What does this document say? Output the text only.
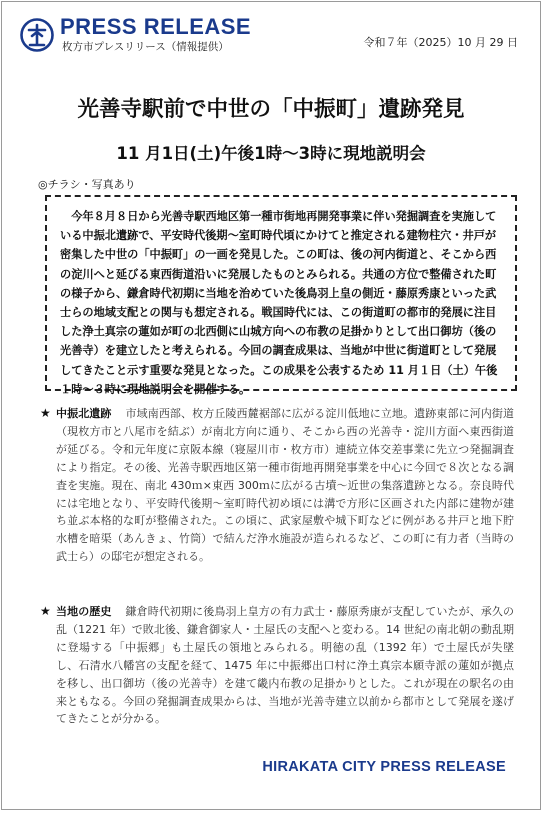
PRESS RELEASE
枚方市プレスリリース（情報提供）	令和７年（2025）10 月 29 日
光善寺駅前で中世の「中振町」遺跡発見
11 月1日(土)午後1時～3時に現地説明会
◎チラシ・写真あり

今年８月８日から光善寺駅西地区第一種市街地再開発事業に伴い発掘調査を実施している中振北遺跡で、平安時代後期～室町時代頃にかけてと推定される建物柱穴・井戸が密集した中世の「中振町」の一画を発見した。この町は、後の河内街道と、そこから西の淀川へと延びる東西街道沿いに発展したものとみられる。共通の方位で整備された町の様子から、鎌倉時代初期に当地を治めていた後鳥羽上皇の側近・藤原秀康といった武士らの地域支配との関与も想定される。戦国時代には、この街道町の都市的発展に注目した浄土真宗の蓮如が町の北西側に山城方向への布教の足掛かりとして出口御坊（後の光善寺）を建立したと考えられる。今回の調査成果は、当地が中世に街道町として発展してきたこと示す重要な発見となった。この成果を公表するため 11 月１日（土）午後１時～３時に現地説明会を開催する。

★ 中振北遺跡 市域南西部、枚方丘陵西麓裾部に広がる淀川低地に立地。遺跡東部に河内街道（現枚方市と八尾市を結ぶ）が南北方向に通り、そこから西の光善寺・淀川方面へ東西街道が延びる。令和元年度に京阪本線（寝屋川市・枚方市）連続立体交差事業に先立つ発掘調査により指定。その後、光善寺駅西地区第一種市街地再開発事業を中心に今回で８次となる調査を実施。現在、南北 430ｍ×東西 300ｍに広がる古墳～近世の集落遺跡となる。奈良時代には宅地となり、平安時代後期～室町時代初め頃には溝で方形に区画された内部に建物が建ち並ぶ本格的な町が整備された。この頃に、武家屋敷や城下町などに例がある井戸と地下貯水槽を暗渠（あんきょ、竹筒）で結んだ浄水施設が造られるなど、この町に有力者（当時の武士ら）の邸宅が想定される。
★ 当地の歴史 鎌倉時代初期に後鳥羽上皇方の有力武士・藤原秀康が支配していたが、承久の乱（1221 年）で敗北後、鎌倉御家人・土屋氏の支配へと変わる。14 世紀の南北朝の動乱期に登場する「中振郷」も土屋氏の領地とみられる。明徳の乱（1392 年）で土屋氏が失墜し、石清水八幡宮の支配を経て、1475 年に中振郷出口村に浄土真宗本願寺派の蓮如が拠点を移し、出口御坊（後の光善寺）を建て畿内布教の足掛かりとした。これが現在の駅名の由来ともなる。今回の発掘調査成果からは、当地が光善寺建立以前から都市として発展を遂げてきたことが分かる。
HIRAKATA CITY PRESS RELEASE
